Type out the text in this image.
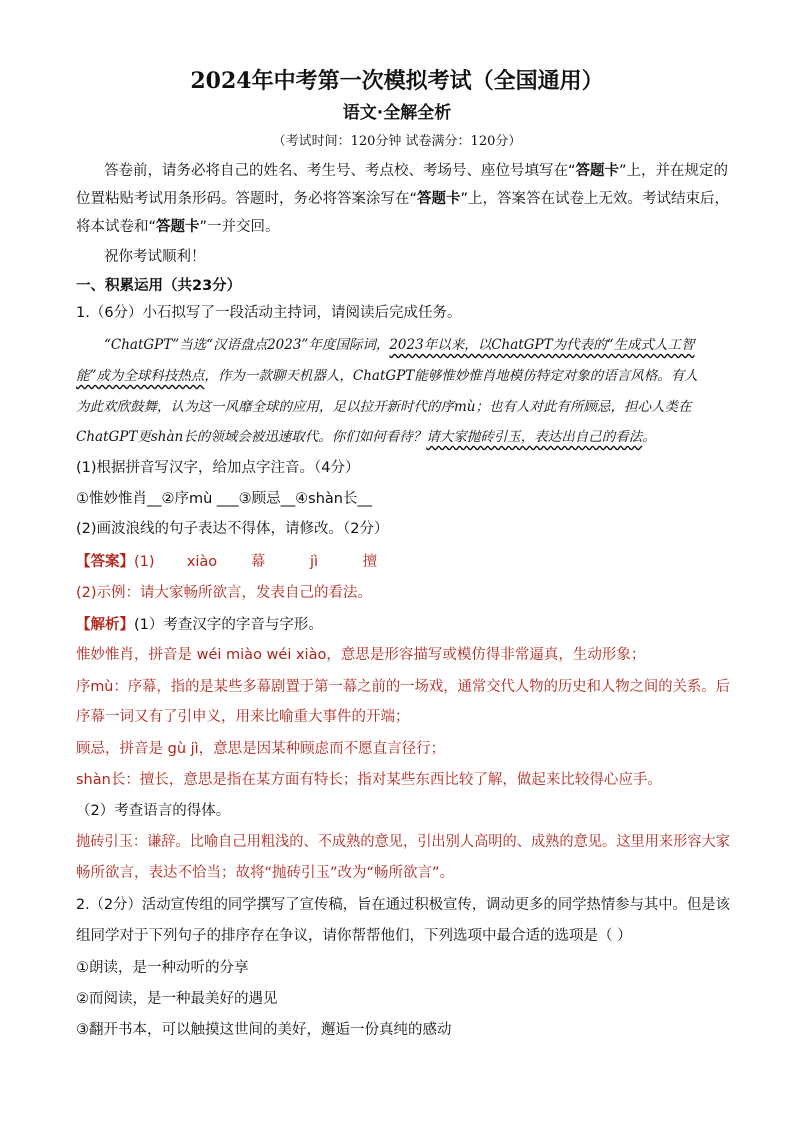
2024年中考第一次模拟考试（全国通用）
语文·全解全析
（考试时间：120分钟 试卷满分：120分）
答卷前，请务必将自己的姓名、考生号、考点校、考场号、座位号填写在“答题卡”上，并在规定的
位置粘贴考试用条形码。答题时，务必将答案涂写在“答题卡”上，答案答在试卷上无效。考试结束后，
将本试卷和“答题卡”一并交回。
祝你考试顺利！
一、积累运用（共23分）
1.（6分）小石拟写了一段活动主持词，请阅读后完成任务。
“ChatGPT”当选“汉语盘点2023”年度国际词，2023年以来，以ChatGPT为代表的“生成式人工智
能”成为全球科技热点，作为一款聊天机器人，ChatGPT能够惟妙惟肖地模仿特定对象的语言风格。有人
为此欢欣鼓舞，认为这一风靡全球的应用，足以拉开新时代的序mù；也有人对此有所顾忌，担心人类在
ChatGPT更shàn长的领域会被迅速取代。你们如何看待？请大家抛砖引玉，表达出自己的看法。
(1)根据拼音写汉字，给加点字注音。（4分）
①惟妙惟肖__②序mù ___③顾忌__④shàn长__
(2)画波浪线的句子表达不得体，请修改。（2分）
【答案】(1) xiào 幕	jì	擅
(2)示例：请大家畅所欲言，发表自己的看法。
【解析】(1）考查汉字的字音与字形。
惟妙惟肖，拼音是 wéi miào wéi xiào，意思是形容描写或模仿得非常逼真，生动形象；
序mù：序幕，指的是某些多幕剧置于第一幕之前的一场戏，通常交代人物的历史和人物之间的关系。后
序幕一词又有了引申义，用来比喻重大事件的开端；
顾忌，拼音是 gù jì，意思是因某种顾虑而不愿直言径行；
shàn长：擅长，意思是指在某方面有特长；指对某些东西比较了解，做起来比较得心应手。
（2）考查语言的得体。
抛砖引玉：谦辞。比喻自己用粗浅的、不成熟的意见，引出别人高明的、成熟的意见。这里用来形容大家
畅所欲言，表达不恰当；故将“抛砖引玉”改为“畅所欲言”。
2.（2分）活动宣传组的同学撰写了宣传稿，旨在通过积极宣传，调动更多的同学热情参与其中。但是该
组同学对于下列句子的排序存在争议，请你帮帮他们，下列选项中最合适的选项是（ ）
①朗读，是一种动听的分享
②而阅读，是一种最美好的遇见
③翻开书本，可以触摸这世间的美好，邂逅一份真纯的感动
